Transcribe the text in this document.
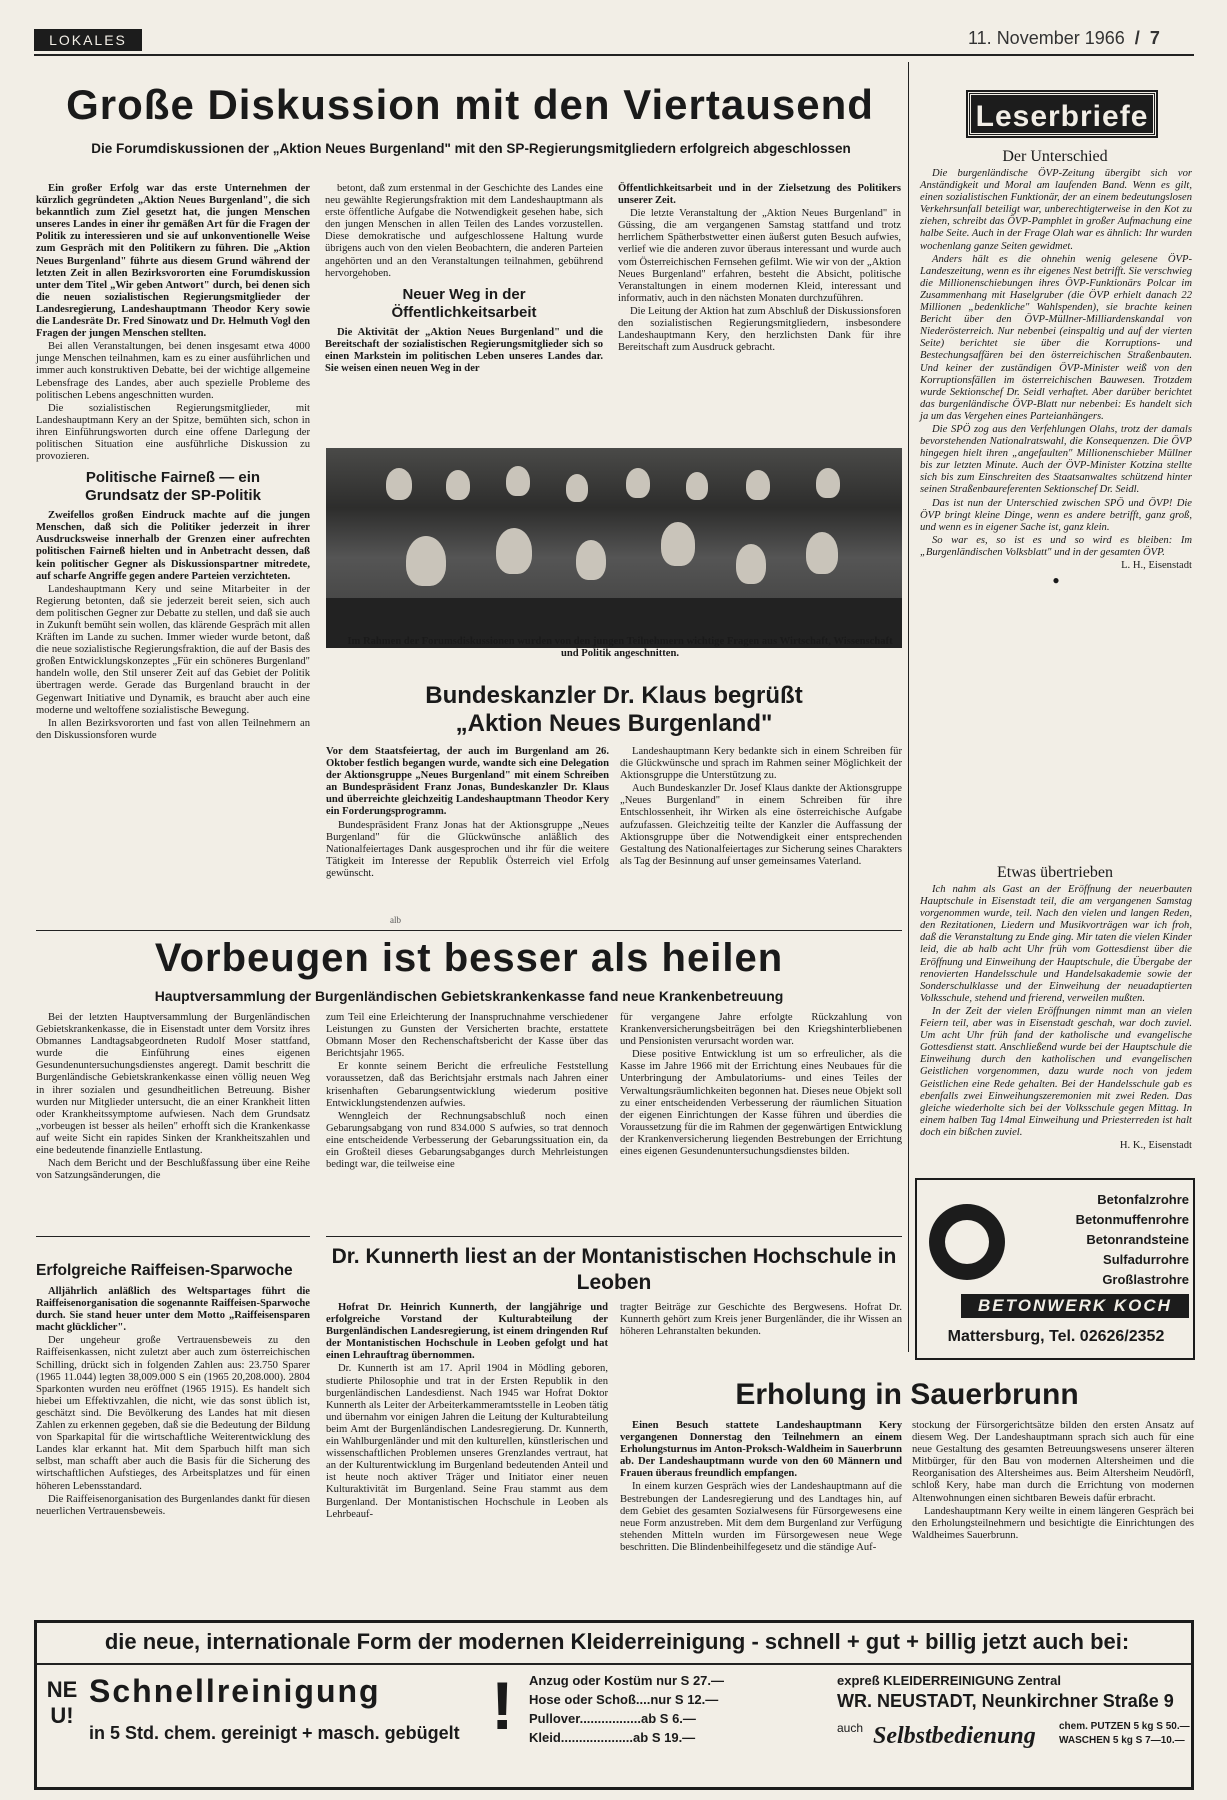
LOKALES	11. November 1966 / 7
Große Diskussion mit den Viertausend
Die Forumdiskussionen der „Aktion Neues Burgenland" mit den SP-Regierungsmitgliedern erfolgreich abgeschlossen

Ein großer Erfolg war das erste Unternehmen der kürzlich gegründeten „Aktion Neues Burgenland", die sich bekanntlich zum Ziel gesetzt hat, die jungen Menschen unseres Landes in einer ihr gemäßen Art für die Fragen der Politik zu interessieren und sie auf unkonventionelle Weise zum Gespräch mit den Politikern zu führen. Die „Aktion Neues Burgenland" führte aus diesem Grund während der letzten Zeit in allen Bezirksvororten eine Forumdiskussion unter dem Titel „Wir geben Antwort" durch, bei denen sich die neuen sozialistischen Regierungsmitglieder der Landesregierung, Landeshauptmann Theodor Kery sowie die Landesräte Dr. Fred Sinowatz und Dr. Helmuth Vogl den Fragen der jungen Menschen stellten.

Bei allen Veranstaltungen, bei denen insgesamt etwa 4000 junge Menschen teilnahmen, kam es zu einer ausführlichen und immer auch konstruktiven Debatte, bei der wichtige allgemeine Lebensfrage des Landes, aber auch spezielle Probleme des politischen Lebens angeschnitten wurden.

Die sozialistischen Regierungsmitglieder, mit Landeshauptmann Kery an der Spitze, bemühten sich, schon in ihren Einführungsworten durch eine offene Darlegung der politischen Situation eine ausführliche Diskussion zu provozieren.

Politische Fairneß — ein Grundsatz der SP-Politik

Zweifellos großen Eindruck machte auf die jungen Menschen, daß sich die Politiker jederzeit in ihrer Ausdrucksweise innerhalb der Grenzen einer aufrechten politischen Fairneß hielten und in Anbetracht dessen, daß kein politischer Gegner als Diskussionspartner mitredete, auf scharfe Angriffe gegen andere Parteien verzichteten.

Landeshauptmann Kery und seine Mitarbeiter in der Regierung betonten, daß sie jederzeit bereit seien, sich auch dem politischen Gegner zur Debatte zu stellen, und daß sie auch in Zukunft bemüht sein wollen, das klärende Gespräch mit allen Kräften im Lande zu suchen. Immer wieder wurde betont, daß die neue sozialistische Regierungsfraktion, die auf der Basis des großen Entwicklungskonzeptes „Für ein schöneres Burgenland" handeln wolle, den Stil unserer Zeit auf das Gebiet der Politik übertragen werde. Gerade das Burgenland braucht in der Gegenwart Initiative und Dynamik, es braucht aber auch eine moderne und weltoffene sozialistische Bewegung.

In allen Bezirksvororten und fast von allen Teilnehmern an den Diskussionsforen wurde

betont, daß zum erstenmal in der Geschichte des Landes eine neu gewählte Regierungsfraktion mit dem Landeshauptmann als erste öffentliche Aufgabe die Notwendigkeit gesehen habe, sich den jungen Menschen in allen Teilen des Landes vorzustellen. Diese demokratische und aufgeschlossene Haltung wurde übrigens auch von den vielen Beobachtern, die anderen Parteien angehörten und an den Veranstaltungen teilnahmen, gebührend hervorgehoben.

Neuer Weg in der Öffentlichkeitsarbeit

Die Aktivität der „Aktion Neues Burgenland" und die Bereitschaft der sozialistischen Regierungsmitglieder sich so einen Markstein im politischen Leben unseres Landes dar. Sie weisen einen neuen Weg in der

Öffentlichkeitsarbeit und in der Zielsetzung des Politikers unserer Zeit.

Die letzte Veranstaltung der „Aktion Neues Burgenland" in Güssing, die am vergangenen Samstag stattfand und trotz herrlichem Spätherbstwetter einen äußerst guten Besuch aufwies, verlief wie die anderen zuvor überaus interessant und wurde auch vom Österreichischen Fernsehen gefilmt. Wie wir von der „Aktion Neues Burgenland" erfahren, besteht die Absicht, politische Veranstaltungen in einem modernen Kleid, interessant und informativ, auch in den nächsten Monaten durchzuführen.

Die Leitung der Aktion hat zum Abschluß der Diskussionsforen den sozialistischen Regierungsmitgliedern, insbesondere Landeshauptmann Kery, den herzlichsten Dank für ihre Bereitschaft zum Ausdruck gebracht.

Im Rahmen der Forumsdiskussionen wurden von den jungen Teilnehmern wichtige Fragen aus Wirtschaft, Wissenschaft und Politik angeschnitten.
Bundeskanzler Dr. Klaus begrüßt
„Aktion Neues Burgenland"

Vor dem Staatsfeiertag, der auch im Burgenland am 26. Oktober festlich begangen wurde, wandte sich eine Delegation der Aktionsgruppe „Neues Burgenland" mit einem Schreiben an Bundespräsident Franz Jonas, Bundeskanzler Dr. Klaus und überreichte gleichzeitig Landeshauptmann Theodor Kery ein Forderungsprogramm.

Bundespräsident Franz Jonas hat der Aktionsgruppe „Neues Burgenland" für die Glückwünsche anläßlich des Nationalfeiertages Dank ausgesprochen und ihr für die weitere Tätigkeit im Interesse der Republik Österreich viel Erfolg gewünscht.

Landeshauptmann Kery bedankte sich in einem Schreiben für die Glückwünsche und sprach im Rahmen seiner Möglichkeit der Aktionsgruppe die Unterstützung zu.

Auch Bundeskanzler Dr. Josef Klaus dankte der Aktionsgruppe „Neues Burgenland" in einem Schreiben für ihre Entschlossenheit, ihr Wirken als eine österreichische Aufgabe aufzufassen. Gleichzeitig teilte der Kanzler die Auffassung der Aktionsgruppe über die Notwendigkeit einer entsprechenden Gestaltung des Nationalfeiertages zur Sicherung seines Charakters als Tag der Besinnung auf unser gemeinsames Vaterland.

alb
Vorbeugen ist besser als heilen
Hauptversammlung der Burgenländischen Gebietskrankenkasse fand neue Krankenbetreuung

Bei der letzten Hauptversammlung der Burgenländischen Gebietskrankenkasse, die in Eisenstadt unter dem Vorsitz ihres Obmannes Landtagsabgeordneten Rudolf Moser stattfand, wurde die Einführung eines eigenen Gesundenuntersuchungsdienstes angeregt. Damit beschritt die Burgenländische Gebietskrankenkasse einen völlig neuen Weg in ihrer sozialen und gesundheitlichen Betreuung. Bisher wurden nur Mitglieder untersucht, die an einer Krankheit litten oder Krankheitssymptome aufwiesen. Nach dem Grundsatz „vorbeugen ist besser als heilen" erhofft sich die Krankenkasse auf weite Sicht ein rapides Sinken der Krankheitszahlen und eine bedeutende finanzielle Entlastung.

Nach dem Bericht und der Beschlußfassung über eine Reihe von Satzungsänderungen, die

zum Teil eine Erleichterung der Inanspruchnahme verschiedener Leistungen zu Gunsten der Versicherten brachte, erstattete Obmann Moser den Rechenschaftsbericht der Kasse über das Berichtsjahr 1965.

Er konnte seinem Bericht die erfreuliche Feststellung voraussetzen, daß das Berichtsjahr erstmals nach Jahren einer krisenhaften Gebarungsentwicklung wiederum positive Entwicklungstendenzen aufwies.

Wenngleich der Rechnungsabschluß noch einen Gebarungsabgang von rund 834.000 S aufwies, so trat dennoch eine entscheidende Verbesserung der Gebarungssituation ein, da ein Großteil dieses Gebarungsabganges durch Mehrleistungen bedingt war, die teilweise eine

für vergangene Jahre erfolgte Rückzahlung von Krankenversicherungsbeiträgen bei den Kriegshinterbliebenen und Pensionisten verursacht worden war.

Diese positive Entwicklung ist um so erfreulicher, als die Kasse im Jahre 1966 mit der Errichtung eines Neubaues für die Unterbringung der Ambulatoriums- und eines Teiles der Verwaltungsräumlichkeiten begonnen hat. Dieses neue Objekt soll zu einer entscheidenden Verbesserung der räumlichen Situation der eigenen Einrichtungen der Kasse führen und überdies die Voraussetzung für die im Rahmen der gegenwärtigen Entwicklung der Krankenversicherung liegenden Bestrebungen der Errichtung eines eigenen Gesundenuntersuchungsdienstes bilden.

Erfolgreiche Raiffeisen-Sparwoche

Alljährlich anläßlich des Weltspartages führt die Raiffeisenorganisation die sogenannte Raiffeisen-Sparwoche durch. Sie stand heuer unter dem Motto „Raiffeisensparen macht glücklicher".

Der ungeheur große Vertrauensbeweis zu den Raiffeisenkassen, nicht zuletzt aber auch zum österreichischen Schilling, drückt sich in folgenden Zahlen aus: 23.750 Sparer (1965 11.044) legten 38,009.000 S ein (1965 20,208.000). 2804 Sparkonten wurden neu eröffnet (1965 1915). Es handelt sich hiebei um Effektivzahlen, die nicht, wie das sonst üblich ist, geschätzt sind. Die Bevölkerung des Landes hat mit diesen Zahlen zu erkennen gegeben, daß sie die Bedeutung der Bildung von Sparkapital für die wirtschaftliche Weiterentwicklung des Landes klar erkannt hat. Mit dem Sparbuch hilft man sich selbst, man schafft aber auch die Basis für die Sicherung des wirtschaftlichen Aufstieges, des Arbeitsplatzes und für einen höheren Lebensstandard.

Die Raiffeisenorganisation des Burgenlandes dankt für diesen neuerlichen Vertrauensbeweis.

Dr. Kunnerth liest an der Montanistischen Hochschule in Leoben

Hofrat Dr. Heinrich Kunnerth, der langjährige und erfolgreiche Vorstand der Kulturabteilung der Burgenländischen Landesregierung, ist einem dringenden Ruf der Montanistischen Hochschule in Leoben gefolgt und hat einen Lehrauftrag übernommen.

Dr. Kunnerth ist am 17. April 1904 in Mödling geboren, studierte Philosophie und trat in der Ersten Republik in den burgenländischen Landesdienst. Nach 1945 war Hofrat Doktor Kunnerth als Leiter der Arbeiterkammeramtsstelle in Leoben tätig und übernahm vor einigen Jahren die Leitung der Kulturabteilung beim Amt der Burgenländischen Landesregierung. Dr. Kunnerth, ein Wahlburgenländer und mit den kulturellen, künstlerischen und wissenschaftlichen Problemen unseres Grenzlandes vertraut, hat an der Kulturentwicklung im Burgenland bedeutenden Anteil und ist heute noch aktiver Träger und Initiator einer neuen Kulturaktivität im Burgenland. Seine Frau stammt aus dem Burgenland. Der Montanistischen Hochschule in Leoben als Lehrbeauf-

tragter Beiträge zur Geschichte des Bergwesens. Hofrat Dr. Kunnerth gehört zum Kreis jener Burgenländer, die ihr Wissen an höheren Lehranstalten bekunden.

Erholung in Sauerbrunn

Einen Besuch stattete Landeshauptmann Kery vergangenen Donnerstag den Teilnehmern an einem Erholungsturnus im Anton-Proksch-Waldheim in Sauerbrunn ab. Der Landeshauptmann wurde von den 60 Männern und Frauen überaus freundlich empfangen.

In einem kurzen Gespräch wies der Landeshauptmann auf die Bestrebungen der Landesregierung und des Landtages hin, auf dem Gebiet des gesamten Sozialwesens für Fürsorgewesens eine neue Form anzustreben. Mit dem dem Burgenland zur Verfügung stehenden Mitteln wurden im Fürsorgewesen neue Wege beschritten. Die Blindenbeihilfegesetz und die ständige Auf-

stockung der Fürsorgerichtsätze bilden den ersten Ansatz auf diesem Weg. Der Landeshauptmann sprach sich auch für eine neue Gestaltung des gesamten Betreuungswesens unserer älteren Mitbürger, für den Bau von modernen Altersheimen und die Reorganisation des Altersheimes aus. Beim Altersheim Neudörfl, schloß Kery, habe man durch die Errichtung von modernen Altenwohnungen einen sichtbaren Beweis dafür erbracht.

Landeshauptmann Kery weilte in einem längeren Gespräch bei den Erholungsteilnehmern und besichtigte die Einrichtungen des Waldheimes Sauerbrunn.

Leserbriefe
Der Unterschied

Die burgenländische ÖVP-Zeitung übergibt sich vor Anständigkeit und Moral am laufenden Band. Wenn es gilt, einen sozialistischen Funktionär, der an einem bedeutungslosen Verkehrsunfall beteiligt war, unberechtigterweise in den Kot zu ziehen, schreibt das ÖVP-Pamphlet in großer Aufmachung eine halbe Seite. Auch in der Frage Olah war es ähnlich: Ihr wurden wochenlang ganze Seiten gewidmet.

Anders hält es die ohnehin wenig gelesene ÖVP-Landeszeitung, wenn es ihr eigenes Nest betrifft. Sie verschwieg die Millionenschiebungen ihres ÖVP-Funktionärs Polcar im Zusammenhang mit Haselgruber (die ÖVP erhielt danach 22 Millionen „bedenkliche" Wahlspenden), sie brachte keinen Bericht über den ÖVP-Müllner-Milliardenskandal von Niederösterreich. Nur nebenbei (einspaltig und auf der vierten Seite) berichtet sie über die Korruptions- und Bestechungsaffären bei den österreichischen Straßenbauten. Und keiner der zuständigen ÖVP-Minister weiß von den Korruptionsfällen im österreichischen Bauwesen. Trotzdem wurde Sektionschef Dr. Seidl verhaftet. Aber darüber berichtet das burgenländische ÖVP-Blatt nur nebenbei: Es handelt sich ja um das Vergehen eines Parteianhängers.

Die SPÖ zog aus den Verfehlungen Olahs, trotz der damals bevorstehenden Nationalratswahl, die Konsequenzen. Die ÖVP hingegen hielt ihren „angefaulten" Millionenschieber Müllner bis zur letzten Minute. Auch der ÖVP-Minister Kotzina stellte sich bis zum Einschreiten des Staatsanwaltes schützend hinter seinen Straßenbaureferenten Sektionschef Dr. Seidl.

Das ist nun der Unterschied zwischen SPÖ und ÖVP! Die ÖVP bringt kleine Dinge, wenn es andere betrifft, ganz groß, und wenn es in eigener Sache ist, ganz klein.

So war es, so ist es und so wird es bleiben: Im „Burgenländischen Volksblatt" und in der gesamten ÖVP.

L. H., Eisenstadt
●
Etwas übertrieben

Ich nahm als Gast an der Eröffnung der neuerbauten Hauptschule in Eisenstadt teil, die am vergangenen Samstag vorgenommen wurde, teil. Nach den vielen und langen Reden, den Rezitationen, Liedern und Musikvorträgen war ich froh, daß die Veranstaltung zu Ende ging. Mir taten die vielen Kinder leid, die ab halb acht Uhr früh vom Gottesdienst über die Eröffnung und Einweihung der Hauptschule, die Übergabe der renovierten Handelsschule und Handelsakademie sowie der Sonderschulklasse und der Einweihung der neuadaptierten Volksschule, stehend und frierend, verweilen mußten.

In der Zeit der vielen Eröffnungen nimmt man an vielen Feiern teil, aber was in Eisenstadt geschah, war doch zuviel. Um acht Uhr früh fand der katholische und evangelische Gottesdienst statt. Anschließend wurde bei der Hauptschule die Einweihung durch den katholischen und evangelischen Geistlichen vorgenommen, dazu wurde noch von jedem Geistlichen eine Rede gehalten. Bei der Handelsschule gab es ebenfalls zwei Einweihungszeremonien mit zwei Reden. Das gleiche wiederholte sich bei der Volksschule gegen Mittag. In einem halben Tag 14mal Einweihung und Priesterreden ist halt doch ein bißchen zuviel.

H. K., Eisenstadt
Betonfalzrohre
Betonmuffenrohre
Betonrandsteine
Sulfadurrohre
Großlastrohre
BETONWERK KOCH
Mattersburg, Tel. 02626/2352
die neue, internationale Form der modernen Kleiderreinigung - schnell + gut + billig jetzt auch bei:
NEU!
Schnellreinigung !
in 5 Std. chem. gereinigt + masch. gebügelt
Anzug oder Kostüm nur S 27.—
Hose oder Schoß....nur S 12.—
Pullover.................ab S 6.—
Kleid....................ab S 19.—
expreß KLEIDERREINIGUNG Zentral
WR. NEUSTADT, Neunkirchner Straße 9
auch Selbstbedienung chem. PUTZEN 5 kg S 50.—
WASCHEN 5 kg S 7—10.—
